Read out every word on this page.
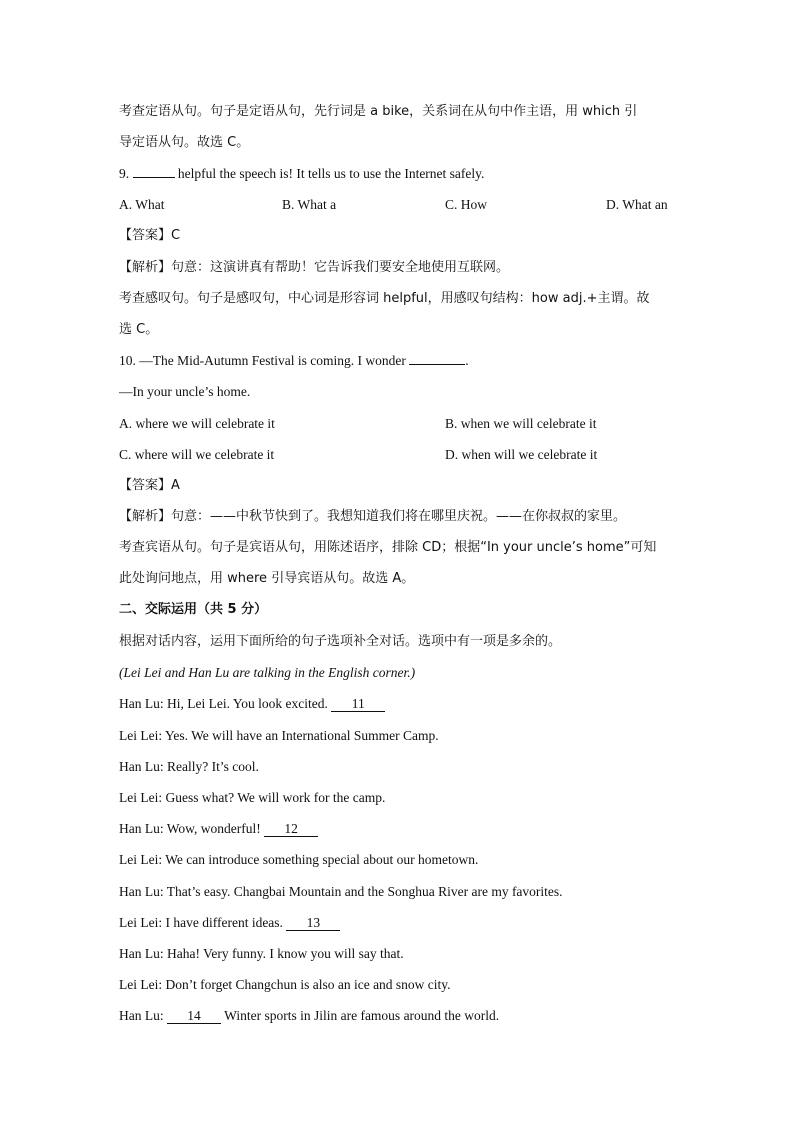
考查定语从句。句子是定语从句，先行词是 a bike，关系词在从句中作主语，用 which 引
导定语从句。故选 C。
9.	helpful the speech is! It tells us to use the Internet safely.
A. What	B. What a	C. How	D. What an
【答案】C
【解析】句意：这演讲真有帮助！它告诉我们要安全地使用互联网。
考查感叹句。句子是感叹句，中心词是形容词 helpful，用感叹句结构：how adj.+主谓。故
选 C。
10. —The Mid-Autumn Festival is coming. I wonder	.
—In your uncle’s home.
A. where we will celebrate it	B. when we will celebrate it
C. where will we celebrate it	D. when will we celebrate it
【答案】A
【解析】句意：——中秋节快到了。我想知道我们将在哪里庆祝。——在你叔叔的家里。
考查宾语从句。句子是宾语从句，用陈述语序，排除 CD；根据“In your uncle’s home”可知
此处询问地点，用 where 引导宾语从句。故选 A。
二、交际运用（共 5 分）
根据对话内容，运用下面所给的句子选项补全对话。选项中有一项是多余的。
(Lei Lei and Han Lu are talking in the English corner.)
Han Lu: Hi, Lei Lei. You look excited. 11
Lei Lei: Yes. We will have an International Summer Camp.
Han Lu: Really? It’s cool.
Lei Lei: Guess what? We will work for the camp.
Han Lu: Wow, wonderful! 12
Lei Lei: We can introduce something special about our hometown.
Han Lu: That’s easy. Changbai Mountain and the Songhua River are my favorites.
Lei Lei: I have different ideas. 13
Han Lu: Haha! Very funny. I know you will say that.
Lei Lei: Don’t forget Changchun is also an ice and snow city.
Han Lu: 14 Winter sports in Jilin are famous around the world.
